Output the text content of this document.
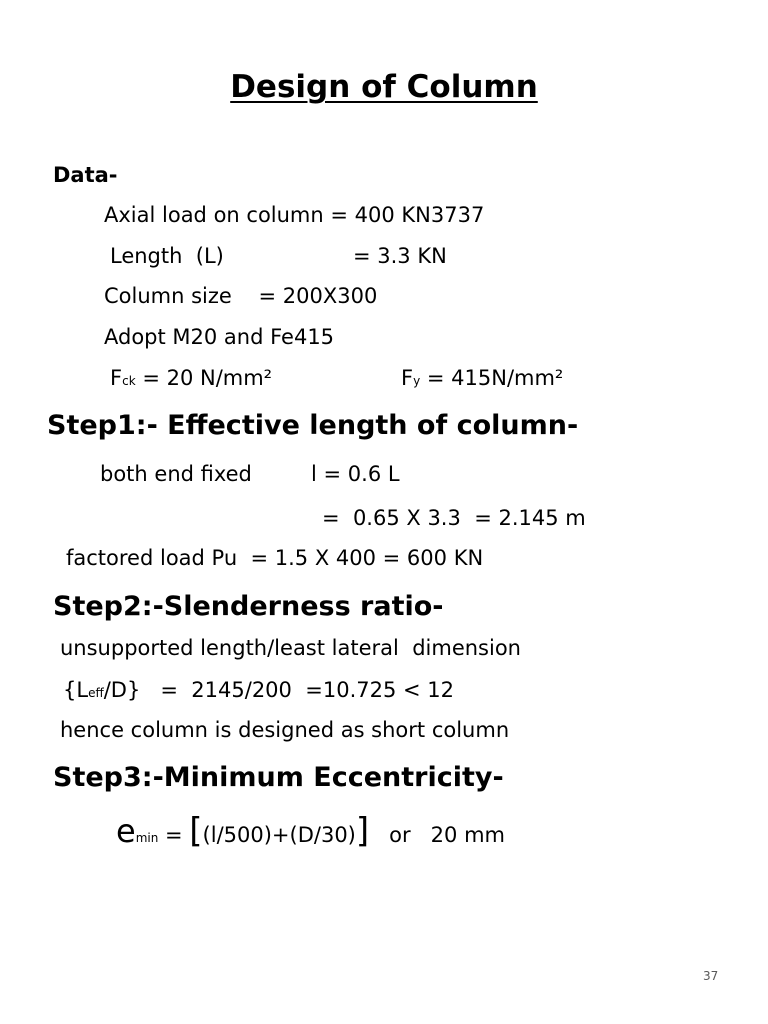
Design of Column
Data-
Axial load on column = 400 KN3737
Length  (L)	= 3.3 KN
Column size    = 200X300
Adopt M20 and Fe415
Fck = 20 N/mm²	Fy = 415N/mm²
Step1:- Effective length of column-
both end fixed	l = 0.6 L
=  0.65 X 3.3  = 2.145 m
factored load Pu  = 1.5 X 400 = 600 KN
Step2:-Slenderness ratio-
unsupported length/least lateral  dimension
{Leff/D}   =  2145/200  =10.725 < 12
hence column is designed as short column
Step3:-Minimum Eccentricity-
emin = [(l/500)+(D/30)]   or   20 mm
37
